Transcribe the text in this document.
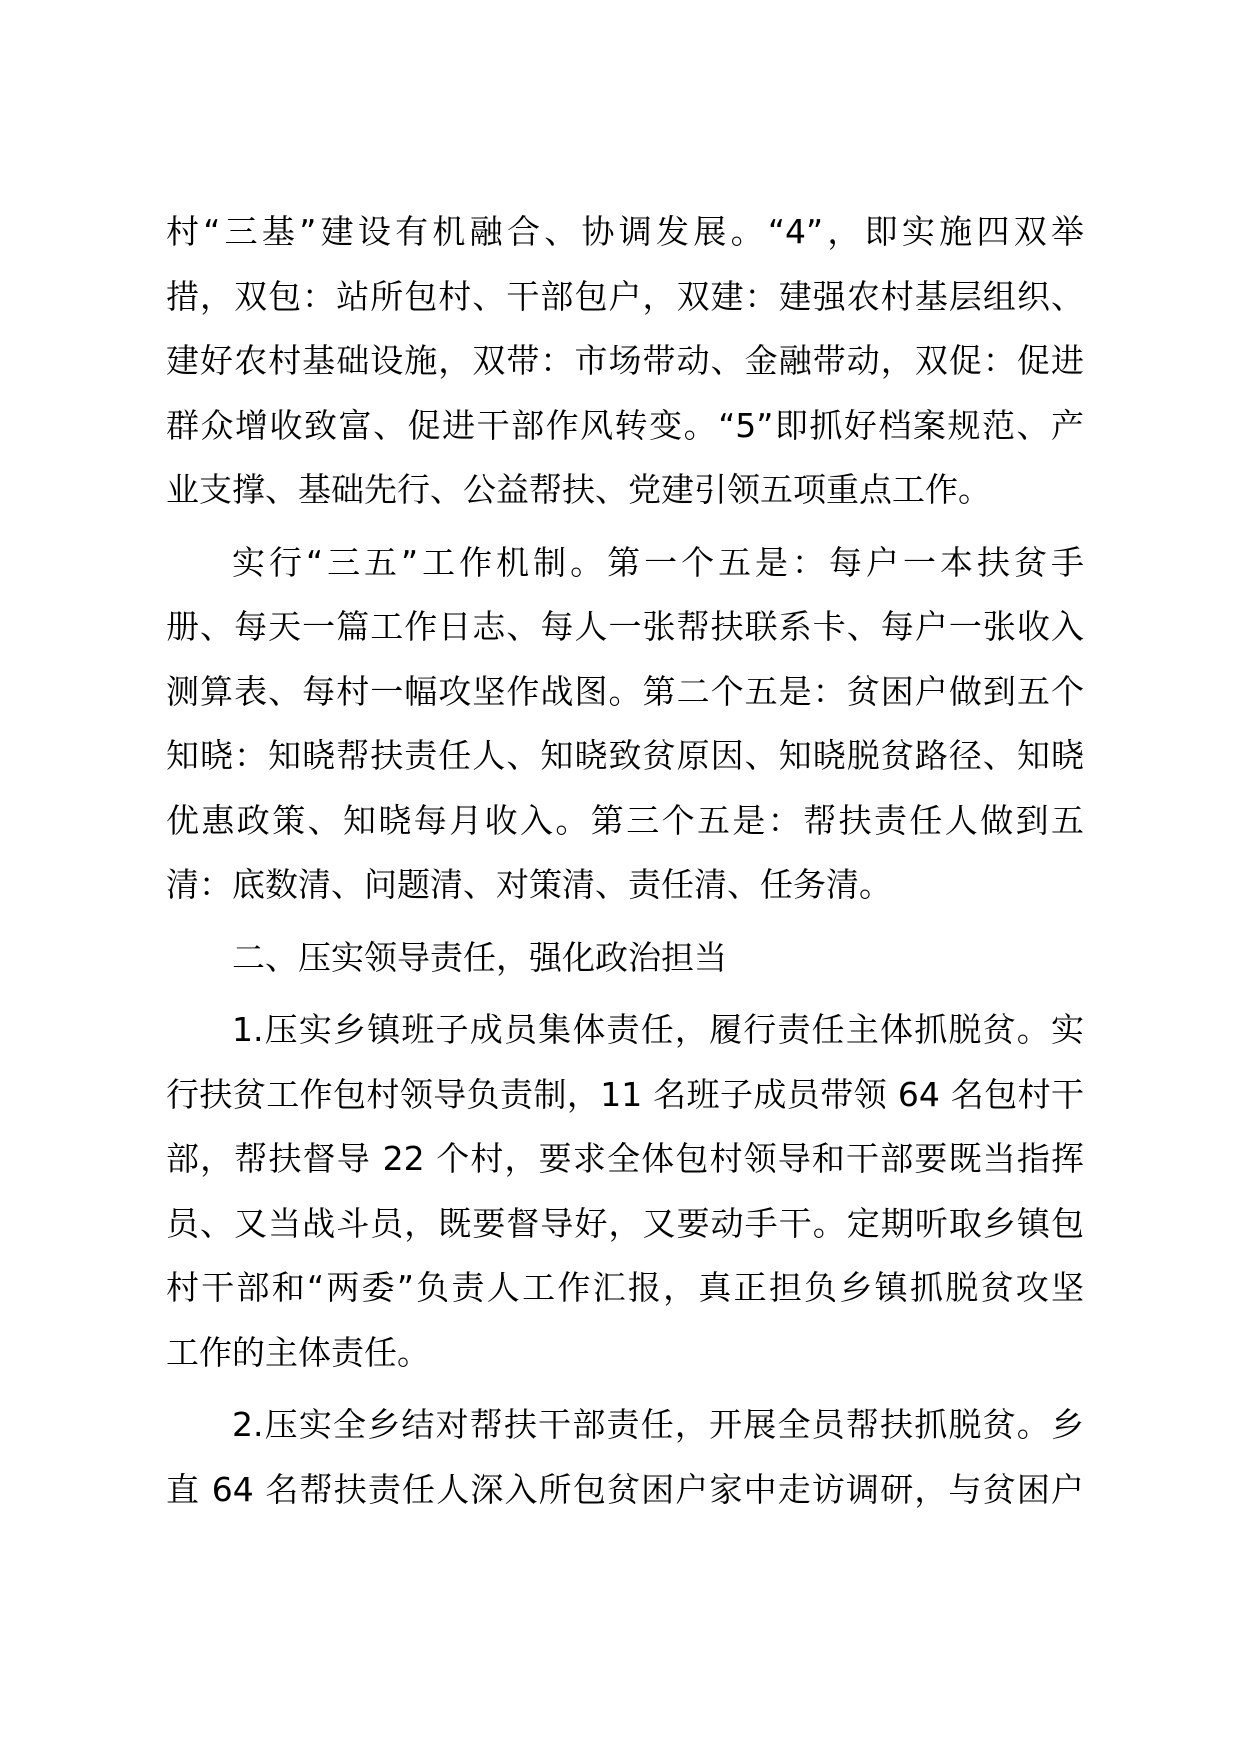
村“三基”建设有机融合、协调发展。“4”，即实施四双举
措，双包：站所包村、干部包户，双建：建强农村基层组织、
建好农村基础设施，双带：市场带动、金融带动，双促：促进
群众增收致富、促进干部作风转变。“5”即抓好档案规范、产
业支撑、基础先行、公益帮扶、党建引领五项重点工作。
实行“三五”工作机制。第一个五是：每户一本扶贫手
册、每天一篇工作日志、每人一张帮扶联系卡、每户一张收入
测算表、每村一幅攻坚作战图。第二个五是：贫困户做到五个
知晓：知晓帮扶责任人、知晓致贫原因、知晓脱贫路径、知晓
优惠政策、知晓每月收入。第三个五是：帮扶责任人做到五
清：底数清、问题清、对策清、责任清、任务清。
二、压实领导责任，强化政治担当
1.压实乡镇班子成员集体责任，履行责任主体抓脱贫。实
行扶贫工作包村领导负责制，11 名班子成员带领 64 名包村干
部，帮扶督导 22 个村，要求全体包村领导和干部要既当指挥
员、又当战斗员，既要督导好，又要动手干。定期听取乡镇包
村干部和“两委”负责人工作汇报，真正担负乡镇抓脱贫攻坚
工作的主体责任。
2.压实全乡结对帮扶干部责任，开展全员帮扶抓脱贫。乡
直 64 名帮扶责任人深入所包贫困户家中走访调研，与贫困户
